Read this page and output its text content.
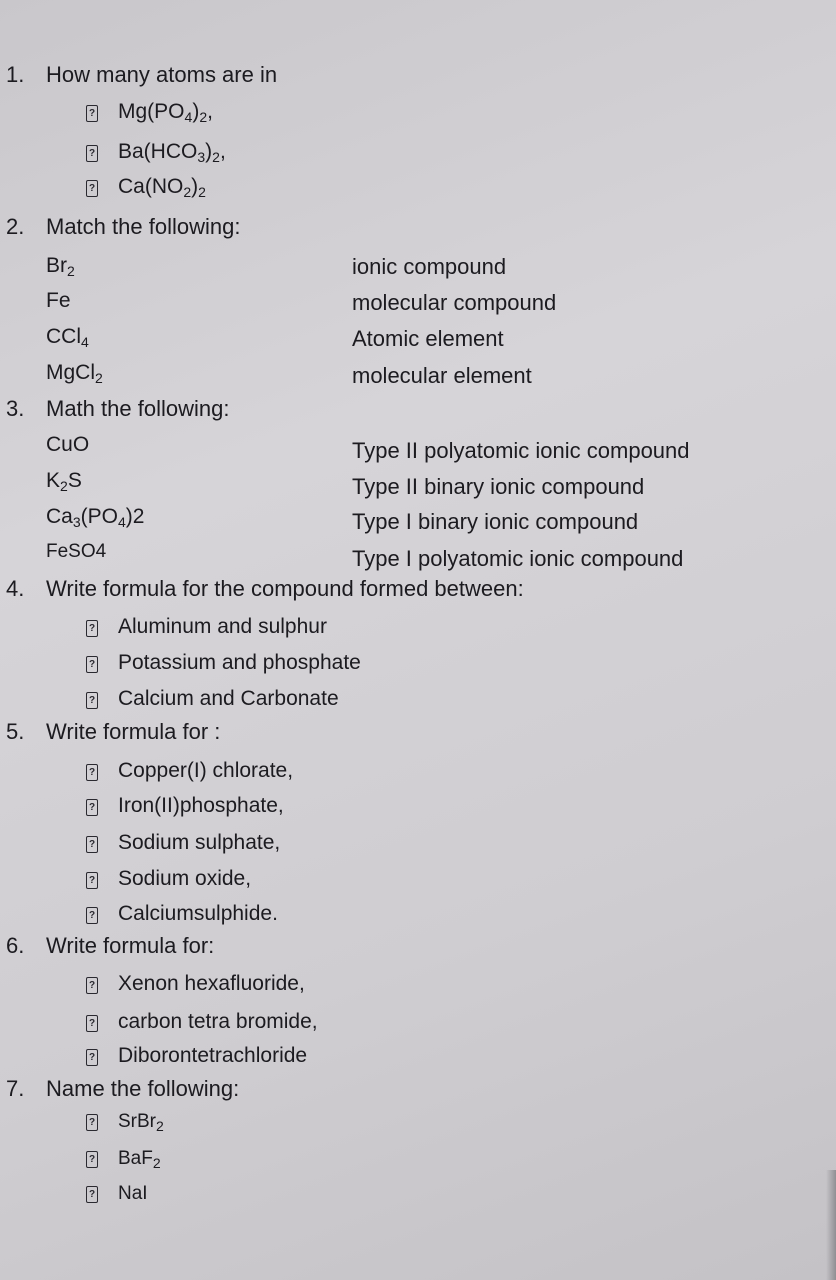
1. How many atoms are in
? $Mg(PO_4)_2$,
? $Ba(HCO_3)_2$,
? $Ca(NO_2)_2$
2. Match the following:
$Br_2$	ionic compound
Fe	molecular compound
CCl$_4$	Atomic element
MgCl$_2$	molecular element
3. Math the following:
CuO	Type II polyatomic ionic compound
$K_2S$	Type II binary ionic compound
$Ca_3(PO_4)2$	Type I binary ionic compound
FeSO4	Type I polyatomic ionic compound
4. Write formula for the compound formed between:
? Aluminum and sulphur
? Potassium and phosphate
? Calcium and Carbonate
5. Write formula for :
? Copper(I) chlorate,
? Iron(II)phosphate,
? Sodium sulphate,
? Sodium oxide,
? Calciumsulphide.
6. Write formula for:
? Xenon hexafluoride,
? carbon tetra bromide,
? Diborontetrachloride
7. Name the following:
? SrBr$_2$
? BaF$_2$
? NaI
